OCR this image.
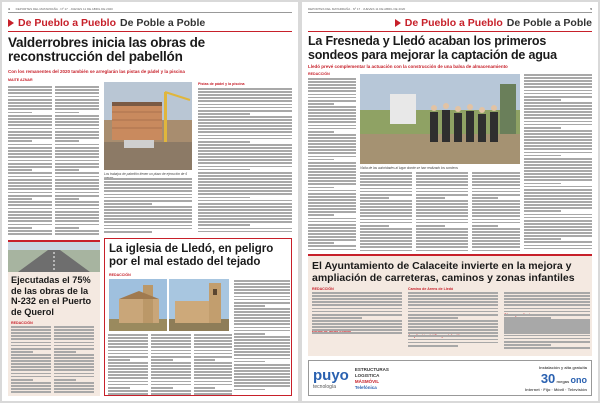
4 DEPORTES DEL MATARRAÑA · Nº 17 · JUEVES 11 DE ABRIL DE 2020
De Pueblo a Pueblo De Poble a Poble
Valderrobres inicia las obras de reconstrucción del pabellón
Con los remanentes del 2020 también se arreglarán las pistas de pádel y la piscina
MAITE AZNAR
Los trabajos de pabellón tienen un plazo de ejecución de 6
Pistas de pádel y la piscina
Ejecutadas el 75% de las obras de la N-232 en el Puerto de Querol
REDACCIÓN
La iglesia de Lledó, en peligro por el mal estado del tejado
REDACCIÓN
DEPORTES DEL MATARRAÑA · Nº 17 · JUEVES 11 DE ABRIL DE 2020	5
De Pueblo a Pueblo De Poble a Poble
La Fresneda y Lledó acaban los primeros sondeos para mejorar la captación de agua
Lledó prevé complementar la actuación con la construcción de una balsa de almacenamiento
REDACCIÓN
Visita de las autoridades al lugar donde se han realizado los sondeos
El Ayuntamiento de Calaceite invierte en la mejora y ampliación de carreteras, caminos y zonas infantiles
REDACCIÓN	Camino de Arens de Lledó
puyo
tecnología
ESTRUCTURAS
LOGISTICA
MÁSMÓVIL
Telefónica
Instalación y alta gratuita
30 megas ono
Internet · Fijo · Móvil · Televisión
